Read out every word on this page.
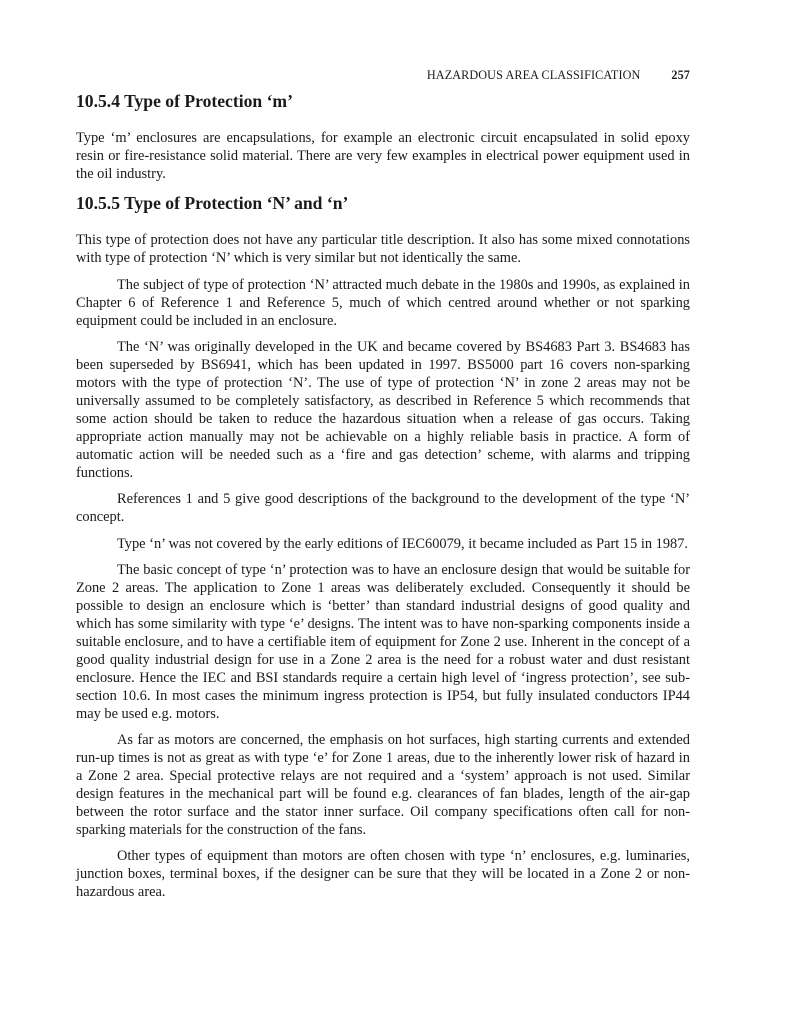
HAZARDOUS AREA CLASSIFICATION	257
10.5.4 Type of Protection ‘m’

Type ‘m’ enclosures are encapsulations, for example an electronic circuit encapsulated in solid epoxy resin or fire-resistance solid material. There are very few examples in electrical power equipment used in the oil industry.

10.5.5 Type of Protection ‘N’ and ‘n’

This type of protection does not have any particular title description. It also has some mixed connotations with type of protection ‘N’ which is very similar but not identically the same.

The subject of type of protection ‘N’ attracted much debate in the 1980s and 1990s, as explained in Chapter 6 of Reference 1 and Reference 5, much of which centred around whether or not sparking equipment could be included in an enclosure.

The ‘N’ was originally developed in the UK and became covered by BS4683 Part 3. BS4683 has been superseded by BS6941, which has been updated in 1997. BS5000 part 16 covers non-sparking motors with the type of protection ‘N’. The use of type of protection ‘N’ in zone 2 areas may not be universally assumed to be completely satisfactory, as described in Reference 5 which recommends that some action should be taken to reduce the hazardous situation when a release of gas occurs. Taking appropriate action manually may not be achievable on a highly reliable basis in practice. A form of automatic action will be needed such as a ‘fire and gas detection’ scheme, with alarms and tripping functions.

References 1 and 5 give good descriptions of the background to the development of the type ‘N’ concept.

Type ‘n’ was not covered by the early editions of IEC60079, it became included as Part 15 in 1987.

The basic concept of type ‘n’ protection was to have an enclosure design that would be suitable for Zone 2 areas. The application to Zone 1 areas was deliberately excluded. Consequently it should be possible to design an enclosure which is ‘better’ than standard industrial designs of good quality and which has some similarity with type ‘e’ designs. The intent was to have non-sparking components inside a suitable enclosure, and to have a certifiable item of equipment for Zone 2 use. Inherent in the concept of a good quality industrial design for use in a Zone 2 area is the need for a robust water and dust resistant enclosure. Hence the IEC and BSI standards require a certain high level of ‘ingress protection’, see sub-section 10.6. In most cases the minimum ingress protection is IP54, but fully insulated conductors IP44 may be used e.g. motors.

As far as motors are concerned, the emphasis on hot surfaces, high starting currents and extended run-up times is not as great as with type ‘e’ for Zone 1 areas, due to the inherently lower risk of hazard in a Zone 2 area. Special protective relays are not required and a ‘system’ approach is not used. Similar design features in the mechanical part will be found e.g. clearances of fan blades, length of the air-gap between the rotor surface and the stator inner surface. Oil company specifications often call for non-sparking materials for the construction of the fans.

Other types of equipment than motors are often chosen with type ‘n’ enclosures, e.g. luminaries, junction boxes, terminal boxes, if the designer can be sure that they will be located in a Zone 2 or non-hazardous area.
